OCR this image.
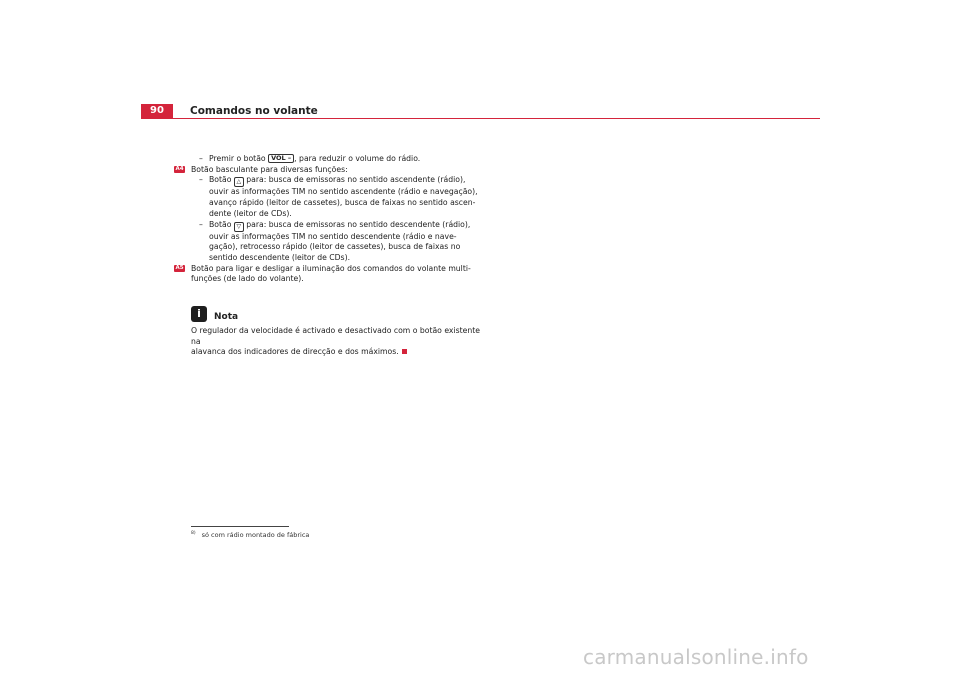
90	Comandos no volante
– Premir o botão VOL – , para reduzir o volume do rádio.
A4 Botão basculante para diversas funções:
– Botão △ para: busca de emissoras no sentido ascendente (rádio),
ouvir as informações TIM no sentido ascendente (rádio e navegação),
avanço rápido (leitor de cassetes), busca de faixas no sentido ascen-
dente (leitor de CDs).
– Botão ▽ para: busca de emissoras no sentido descendente (rádio),
ouvir as informações TIM no sentido descendente (rádio e nave-
gação), retrocesso rápido (leitor de cassetes), busca de faixas no
sentido descendente (leitor de CDs).
A5 Botão para ligar e desligar a iluminação dos comandos do volante multi-
funções (de lado do volante).
i	Nota
O regulador da velocidade é activado e desactivado com o botão existente na
alavanca dos indicadores de direcção e dos máximos.
$^{8)}$ só com rádio montado de fábrica
carmanualsonline.info
